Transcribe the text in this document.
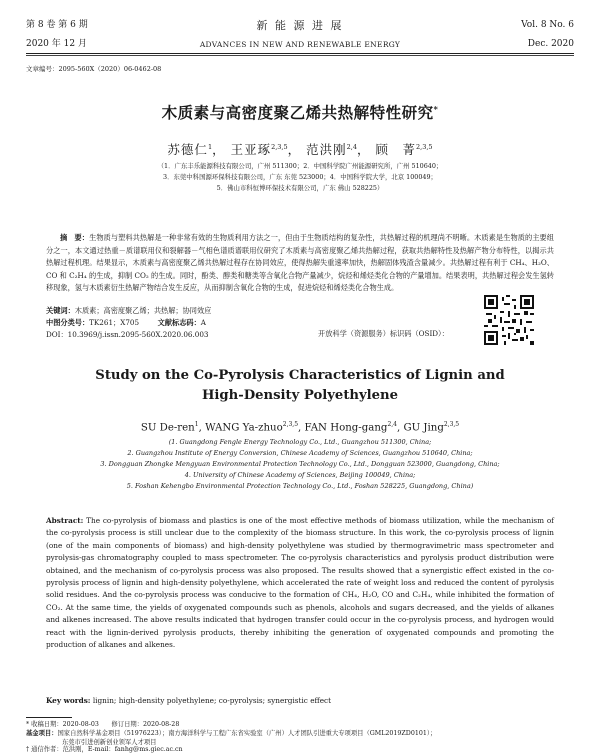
第 8 卷 第 6 期	新 能 源 进 展	Vol. 8 No. 6
2020 年 12 月	ADVANCES IN NEW AND RENEWABLE ENERGY	Dec. 2020
文章编号：2095-560X（2020）06-0462-08
木质素与高密度聚乙烯共热解特性研究*
苏德仁$^1$， 王亚琢$^{2,3,5}$， 范洪刚$^{2,4}$， 顾　菁$^{2,3,5}$
（1．广东丰乐能源科技有限公司，广州 511300；2．中国科学院广州能源研究所，广州 510640；
3．东莞中科国源环保科技有限公司，广东 东莞 523000；4．中国科学院大学，北京 100049；
5．佛山市科恒博环保技术有限公司，广东 佛山 528225）
摘　要：生物质与塑料共热解是一种非常有效的生物质利用方法之一，但由于生物质结构的复杂性，共热解过程的机理尚不明晰。木质素是生物质的主要组分之一，本文通过热重－质谱联用仪和裂解器－气相色谱质谱联用仪研究了木质素与高密度聚乙烯共热解过程，获取共热解特性及热解产物分布特性，以揭示共热解过程机理。结果显示，木质素与高密度聚乙烯共热解过程存在协同效应，使得热解失重速率加快，热解固体残渣含量减少。共热解过程有利于 CH₄、H₂O、CO 和 C₂H₄ 的生成，抑制 CO₂ 的生成。同时，酚类、醇类和糖类等含氧化合物产量减少，烷烃和烯烃类化合物的产量增加。结果表明，共热解过程会发生氢转移现象，氢与木质素衍生热解产物结合发生反应，从而抑制含氧化合物的生成，促进烷烃和烯烃类化合物生成。
关键词：木质素；高密度聚乙烯；共热解；协同效应
中图分类号：TK261；X705	文献标志码：A
DOI：10.3969/j.issn.2095-560X.2020.06.003	开放科学（资源服务）标识码（OSID）：
Study on the Co-Pyrolysis Characteristics of Lignin and
High-Density Polyethylene
SU De-ren$^1$, WANG Ya-zhuo$^{2,3,5}$, FAN Hong-gang$^{2,4}$, GU Jing$^{2,3,5}$
(1. Guangdong Fengle Energy Technology Co., Ltd., Guangzhou 511300, China;
2. Guangzhou Institute of Energy Conversion, Chinese Academy of Sciences, Guangzhou 510640, China;
3. Dongguan Zhongke Mengyuan Environmental Protection Technology Co., Ltd., Dongguan 523000, Guangdong, China;
4. University of Chinese Academy of Sciences, Beijing 100049, China;
5. Foshan Kehengbo Environmental Protection Technology Co., Ltd., Foshan 528225, Guangdong, China)
Abstract: The co-pyrolysis of biomass and plastics is one of the most effective methods of biomass utilization, while the mechanism of the co-pyrolysis process is still unclear due to the complexity of the biomass structure. In this work, the co-pyrolysis process of lignin (one of the main components of biomass) and high-density polyethylene was studied by thermogravimetric mass spectrometer and pyrolysis-gas chromatography coupled to mass spectrometer. The co-pyrolysis characteristics and pyrolysis product distribution were obtained, and the mechanism of co-pyrolysis process was also proposed. The results showed that a synergistic effect existed in the co-pyrolysis process of lignin and high-density polyethylene, which accelerated the rate of weight loss and reduced the content of pyrolysis solid residues. And the co-pyrolysis process was conducive to the formation of CH₄, H₂O, CO and C₂H₄, while inhibited the formation of CO₂. At the same time, the yields of oxygenated compounds such as phenols, alcohols and sugars decreased, and the yields of alkanes and alkenes increased. The above results indicated that hydrogen transfer could occur in the co-pyrolysis process, and hydrogen would react with the lignin-derived pyrolysis products, thereby inhibiting the generation of oxygenated compounds and promoting the production of alkanes and alkenes.
Key words: lignin; high-density polyethylene; co-pyrolysis; synergistic effect
* 收稿日期：2020-08-03　　修订日期：2020-08-28
基金项目：国家自然科学基金项目（51976223）；南方海洋科学与工程广东省实验室（广州）人才团队引进重大专项项目（GML2019ZD0101）；
东莞市引进创新创业领军人才项目
† 通信作者：范洪刚，E-mail：fanhg@ms.giec.ac.cn
